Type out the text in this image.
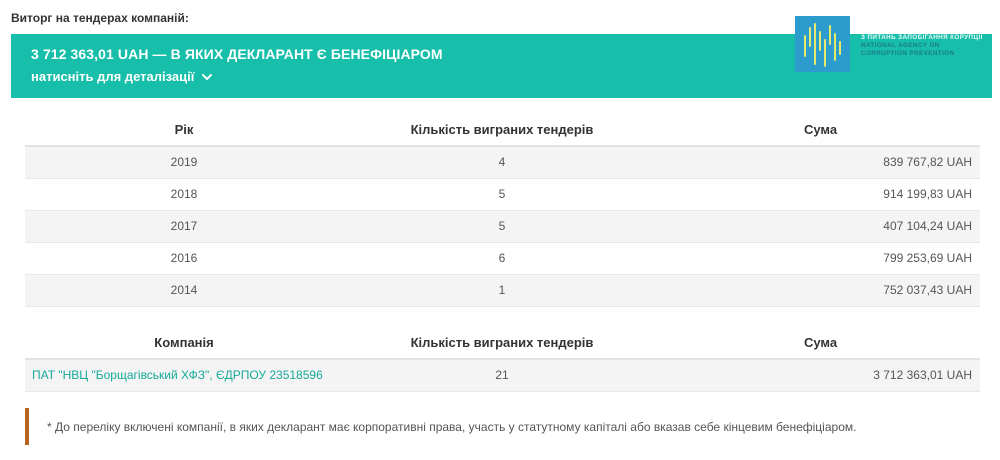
Виторг на тендерах компаній:
3 712 363,01 UAH — В ЯКИХ ДЕКЛАРАНТ Є БЕНЕФІЦІАРОМ
натисніть для деталізації
НАЦІОНАЛЬНЕ АГЕНТСТВО
З ПИТАНЬ ЗАПОБІГАННЯ КОРУПЦІЇ
NATIONAL AGENCY ON
CORRUPTION PREVENTION
Рік	Кількість виграних тендерів	Сума
2019	4	839 767,82 UAH
2018	5	914 199,83 UAH
2017	5	407 104,24 UAH
2016	6	799 253,69 UAH
2014	1	752 037,43 UAH
Компанія	Кількість виграних тендерів	Сума
ПАТ "НВЦ "Борщагівський ХФЗ", ЄДРПОУ 23518596	21	3 712 363,01 UAH
* До переліку включені компанії, в яких декларант має корпоративні права, участь у статутному капіталі або вказав себе кінцевим бенефіціаром.
